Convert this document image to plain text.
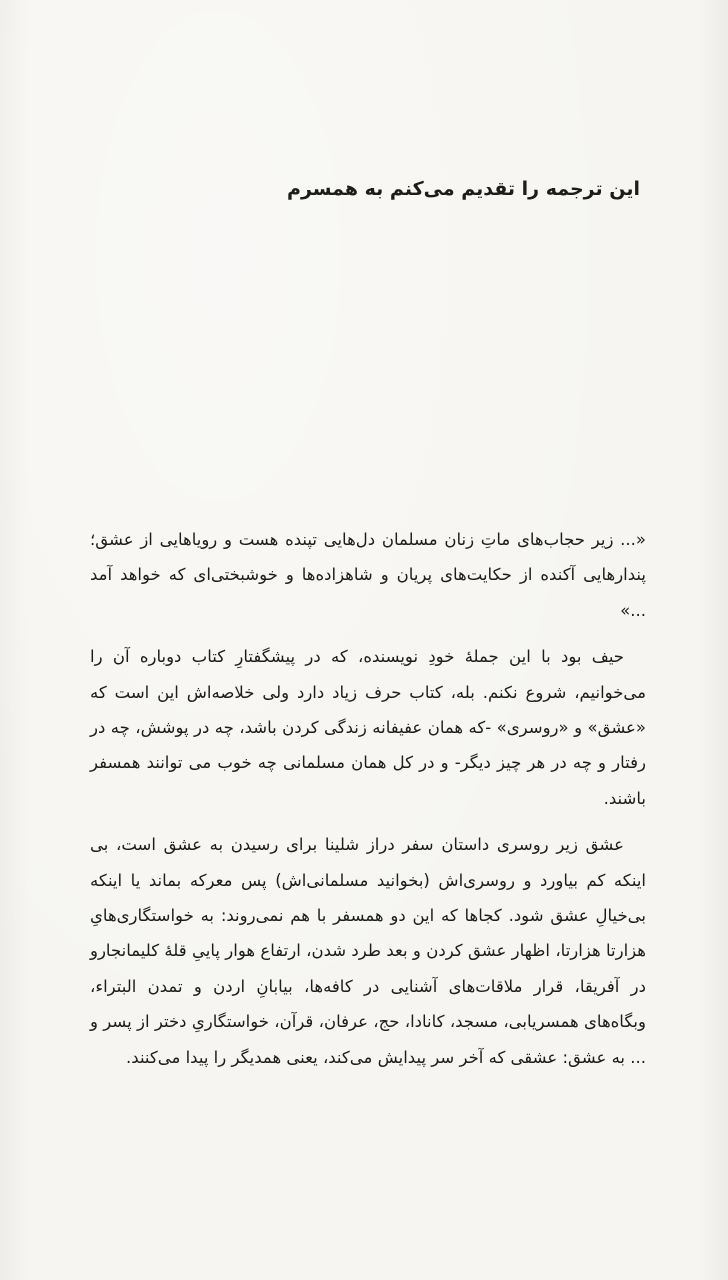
این ترجمه را تقدیم می‌کنم به همسرم

«... زیر حجاب‌های ماتِ زنان مسلمان دل‌هایی تپنده هست و رویاهایی از عشق؛ پندارهایی آکنده از حکایت‌های پریان و شاهزاده‌ها و خوشبختی‌ای که خواهد آمد ...»

حیف بود با این جملهٔ خودِ نویسنده، که در پیشگفتارِ کتاب دوباره آن را می‌خوانیم، شروع نکنم. بله، کتاب حرف زیاد دارد ولی خلاصه‌اش این است که «عشق» و «روسری» -که همان عفیفانه زندگی کردن باشد، چه در پوشش، چه در رفتار و چه در هر چیز دیگر- و در کل همان مسلمانی چه خوب می توانند همسفر باشند.

عشق زیر روسری داستان سفر دراز شلینا برای رسیدن به عشق است، بی اینکه کم بیاورد و روسری‌اش (بخوانید مسلمانی‌اش) پس معرکه بماند یا اینکه بی‌خیالِ عشق شود. کجاها که این دو همسفر با هم نمی‌روند: به خواستگاری‌هایِ هزارتا هزارتا، اظهار عشق کردن و بعد طرد شدن، ارتفاع هوار پاییِ قلهٔ کلیمانجارو در آفریقا، قرار ملاقات‌های آشنایی در کافه‌ها، بیابانِ اردن و تمدن البتراء، وبگاه‌های همسریابی، مسجد، کانادا، حج، عرفان، قرآن، خواستگاریِ دختر از پسر و ... به عشق: عشقی که آخر سر پیدایش می‌کند، یعنی همدیگر را پیدا می‌کنند.
